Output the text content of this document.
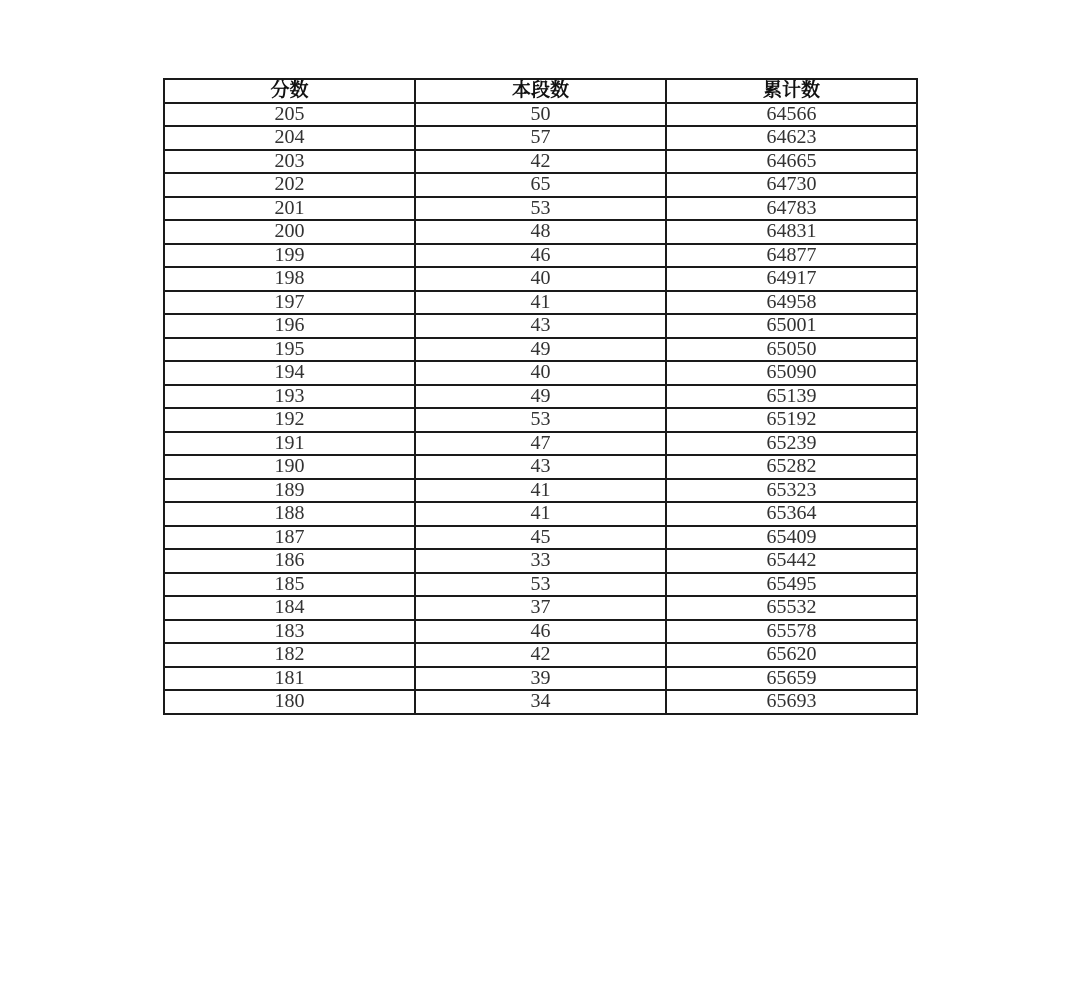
分数	本段数	累计数
205	50	64566
204	57	64623
203	42	64665
202	65	64730
201	53	64783
200	48	64831
199	46	64877
198	40	64917
197	41	64958
196	43	65001
195	49	65050
194	40	65090
193	49	65139
192	53	65192
191	47	65239
190	43	65282
189	41	65323
188	41	65364
187	45	65409
186	33	65442
185	53	65495
184	37	65532
183	46	65578
182	42	65620
181	39	65659
180	34	65693
